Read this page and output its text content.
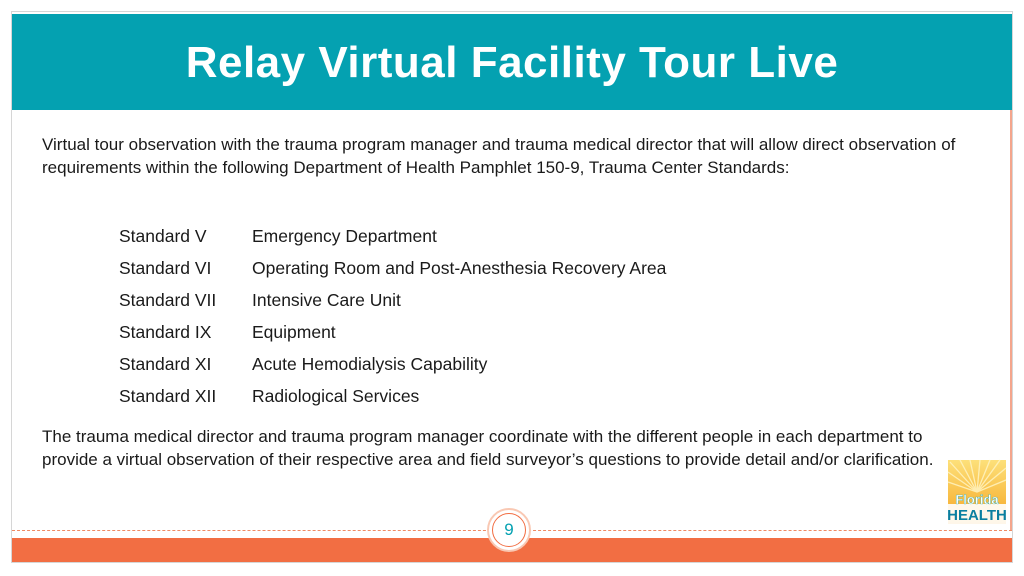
Relay Virtual Facility Tour Live

Virtual tour observation with the trauma program manager and trauma medical director that will allow direct observation of requirements within the following Department of Health Pamphlet 150-9, Trauma Center Standards:

Standard V	Emergency Department
Standard VI	Operating Room and Post-Anesthesia Recovery Area
Standard VII	Intensive Care Unit
Standard IX	Equipment
Standard XI	Acute Hemodialysis Capability
Standard XII	Radiological Services

The trauma medical director and trauma program manager coordinate with the different people in each department to provide a virtual observation of their respective area and field surveyor’s questions to provide detail and/or clarification.

9
Florida
HEALTH
